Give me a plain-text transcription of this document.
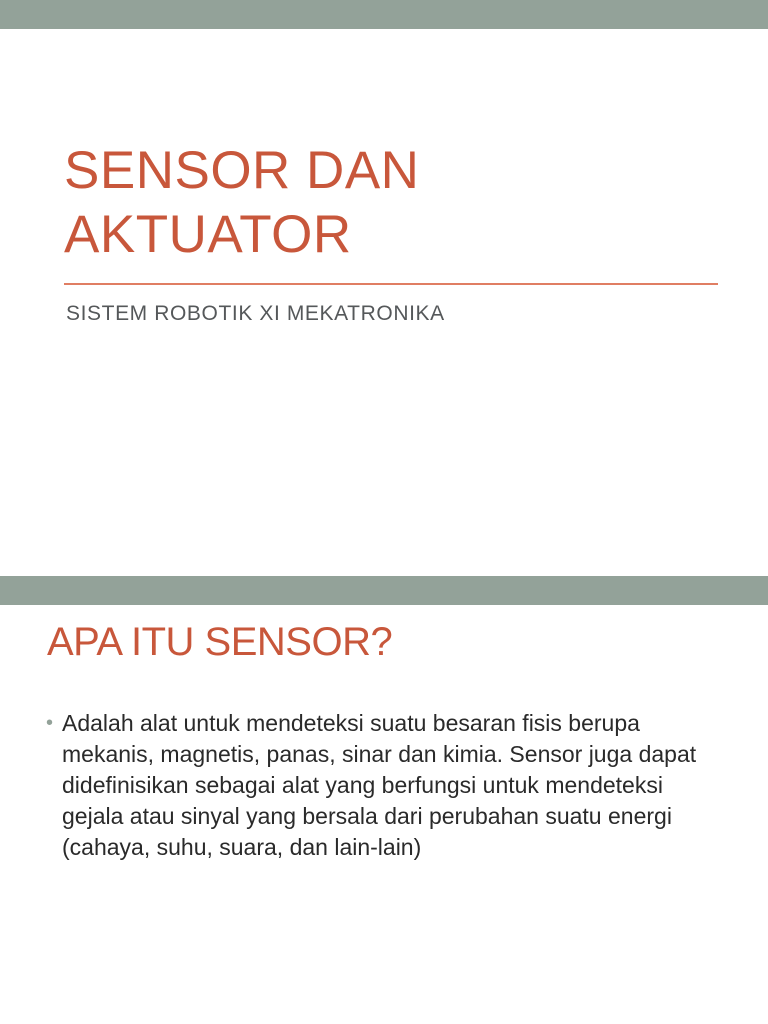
SENSOR DAN
AKTUATOR

SISTEM ROBOTIK XI MEKATRONIKA

APA ITU SENSOR?
• Adalah alat untuk mendeteksi suatu besaran fisis berupa mekanis, magnetis, panas, sinar dan kimia. Sensor juga dapat didefinisikan sebagai alat yang berfungsi untuk mendeteksi gejala atau sinyal yang bersala dari perubahan suatu energi (cahaya, suhu, suara, dan lain-lain)
